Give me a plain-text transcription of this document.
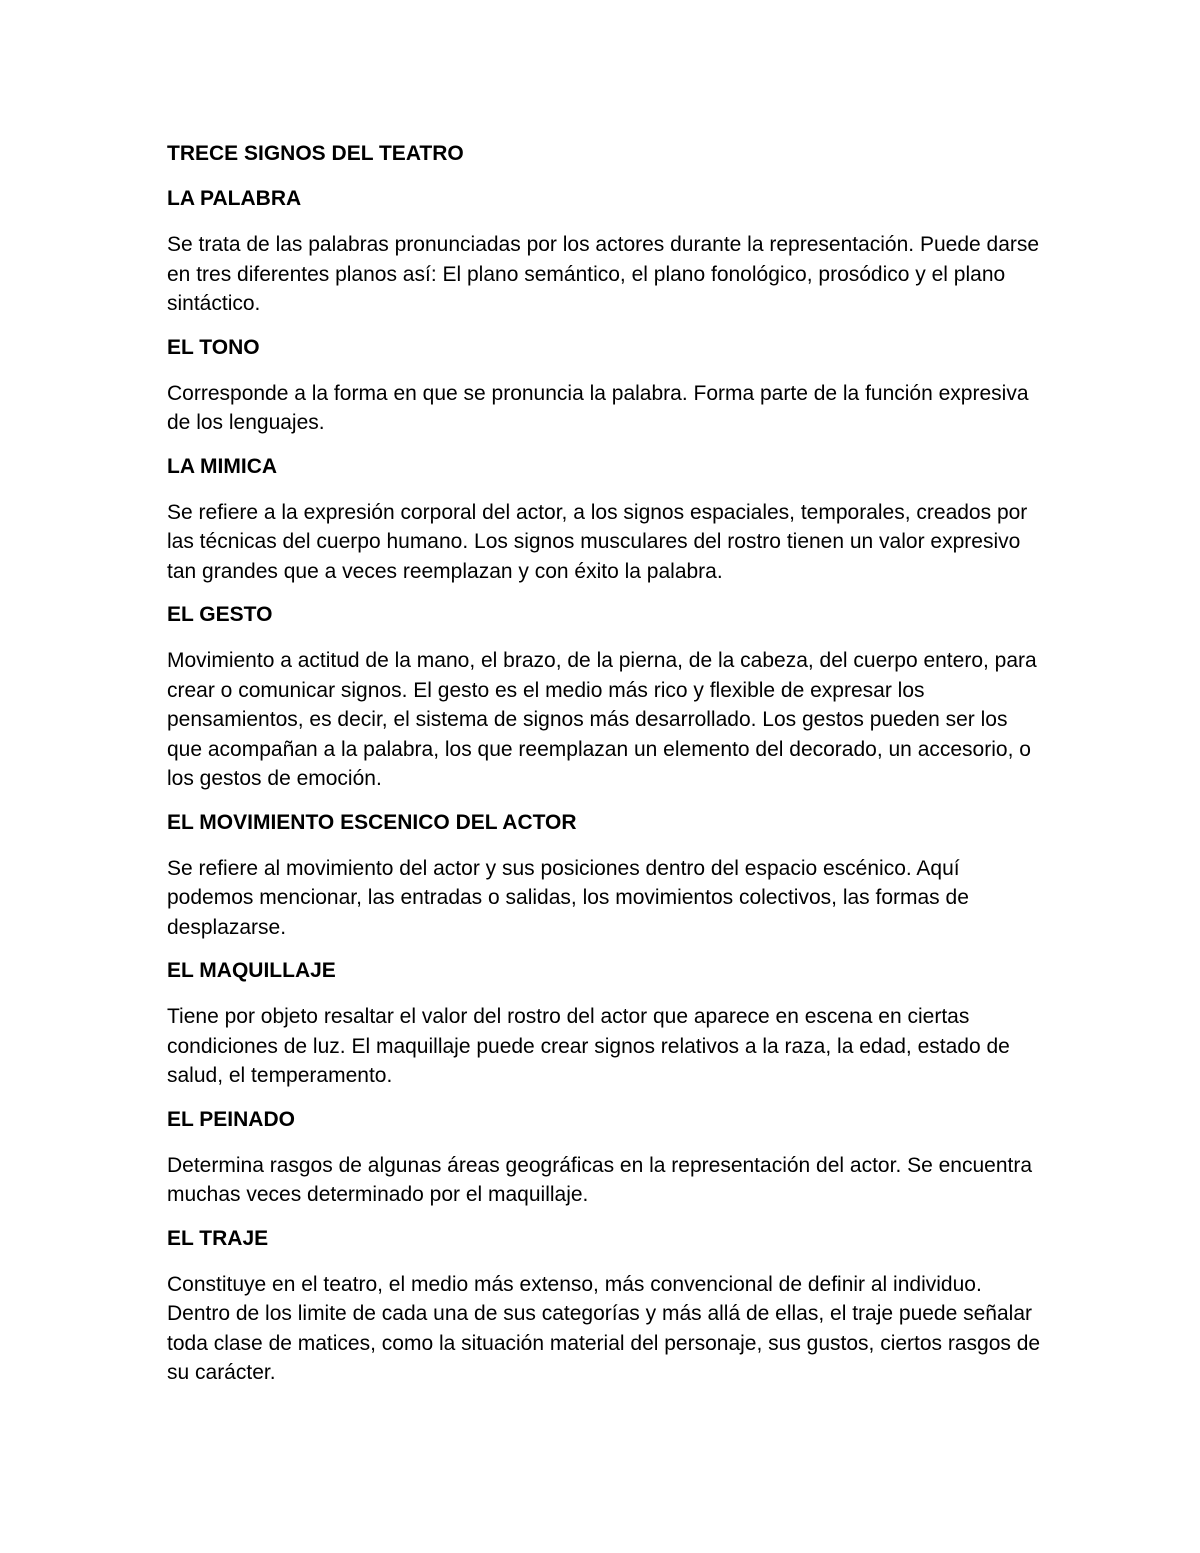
TRECE SIGNOS DEL TEATRO
LA PALABRA
Se trata de las palabras pronunciadas por los actores durante la representación. Puede darse en tres diferentes planos así: El plano semántico, el plano fonológico, prosódico y el plano sintáctico.
EL TONO
Corresponde a la forma en que se pronuncia la palabra. Forma parte de la función expresiva de los lenguajes.
LA MIMICA
Se refiere a la expresión corporal del actor, a los signos espaciales, temporales, creados por las técnicas del cuerpo humano. Los signos musculares del rostro tienen un valor expresivo tan grandes que a veces reemplazan y con éxito la palabra.
EL GESTO
Movimiento a actitud de la mano, el brazo, de la pierna, de la cabeza, del cuerpo entero, para crear o comunicar signos. El gesto es el medio más rico y flexible de expresar los pensamientos, es decir, el sistema de signos más desarrollado. Los gestos pueden ser los que acompañan a la palabra, los que reemplazan un elemento del decorado, un accesorio, o los gestos de emoción.
EL MOVIMIENTO ESCENICO DEL ACTOR
Se refiere al movimiento del actor y sus posiciones dentro del espacio escénico. Aquí podemos mencionar, las entradas o salidas, los movimientos colectivos, las formas de desplazarse.
EL MAQUILLAJE
Tiene por objeto resaltar el valor del rostro del actor que aparece en escena en ciertas condiciones de luz. El maquillaje puede crear signos relativos a la raza, la edad, estado de salud, el temperamento.
EL PEINADO
Determina rasgos de algunas áreas geográficas en la representación del actor. Se encuentra muchas veces determinado por el maquillaje.
EL TRAJE
Constituye en el teatro, el medio más extenso, más convencional de definir al individuo. Dentro de los limite de cada una de sus categorías y más allá de ellas, el traje puede señalar toda clase de matices, como la situación material del personaje, sus gustos, ciertos rasgos de su carácter.
